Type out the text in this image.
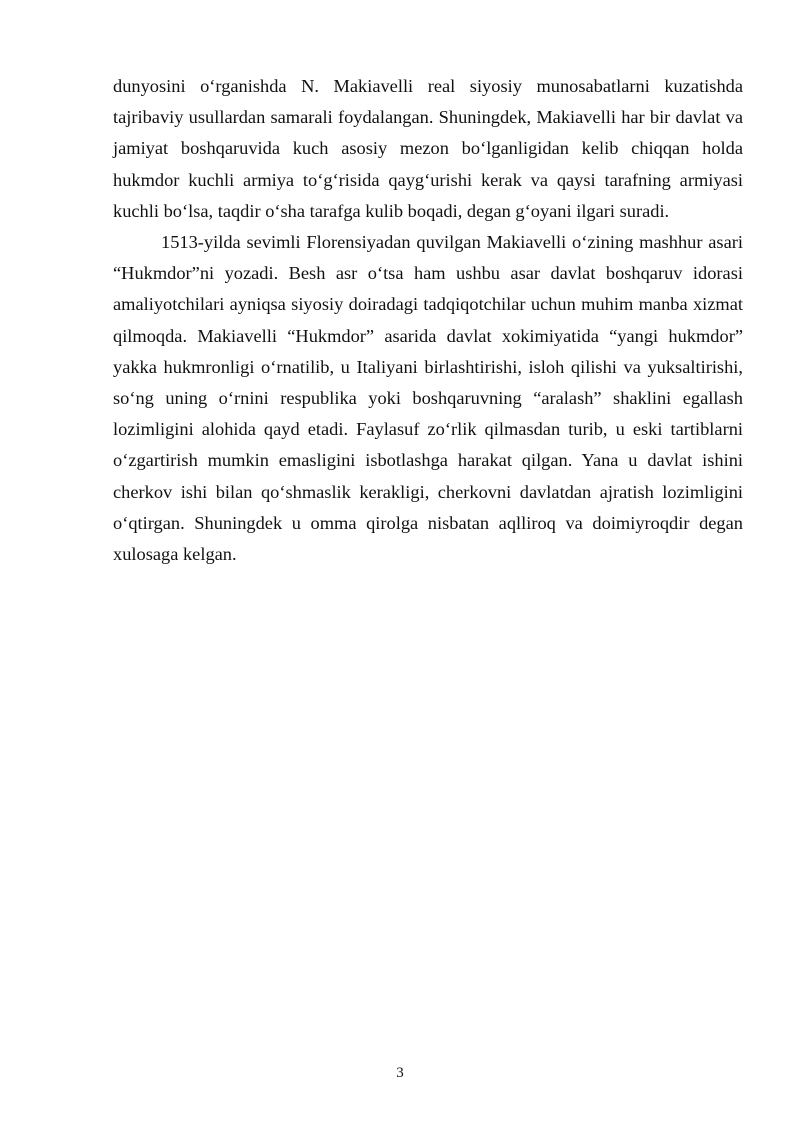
dunyosini o‘rganishda N. Makiavelli real siyosiy munosabatlarni kuzatishda tajribaviy usullardan samarali foydalangan. Shuningdek, Makiavelli har bir davlat va jamiyat boshqaruvida kuch asosiy mezon bo‘lganligidan kelib chiqqan holda hukmdor kuchli armiya to‘g‘risida qayg‘urishi kerak va qaysi tarafning armiyasi kuchli bo‘lsa, taqdir o‘sha tarafga kulib boqadi, degan g‘oyani ilgari suradi.

1513-yilda sevimli Florensiyadan quvilgan Makiavelli o‘zining mashhur asari “Hukmdor”ni yozadi. Besh asr o‘tsa ham ushbu asar davlat boshqaruv idorasi amaliyotchilari ayniqsa siyosiy doiradagi tadqiqotchilar uchun muhim manba xizmat qilmoqda. Makiavelli “Hukmdor” asarida davlat xokimiyatida “yangi hukmdor” yakka hukmronligi o‘rnatilib, u Italiyani birlashtirishi, isloh qilishi va yuksaltirishi, so‘ng uning o‘rnini respublika yoki boshqaruvning “aralash” shaklini egallash lozimligini alohida qayd etadi. Faylasuf zo‘rlik qilmasdan turib, u eski tartiblarni o‘zgartirish mumkin emasligini isbotlashga harakat qilgan. Yana u davlat ishini cherkov ishi bilan qo‘shmaslik kerakligi, cherkovni davlatdan ajratish lozimligini o‘qtirgan. Shuningdek u omma qirolga nisbatan aqlliroq va doimiyroqdir degan xulosaga kelgan.

3
